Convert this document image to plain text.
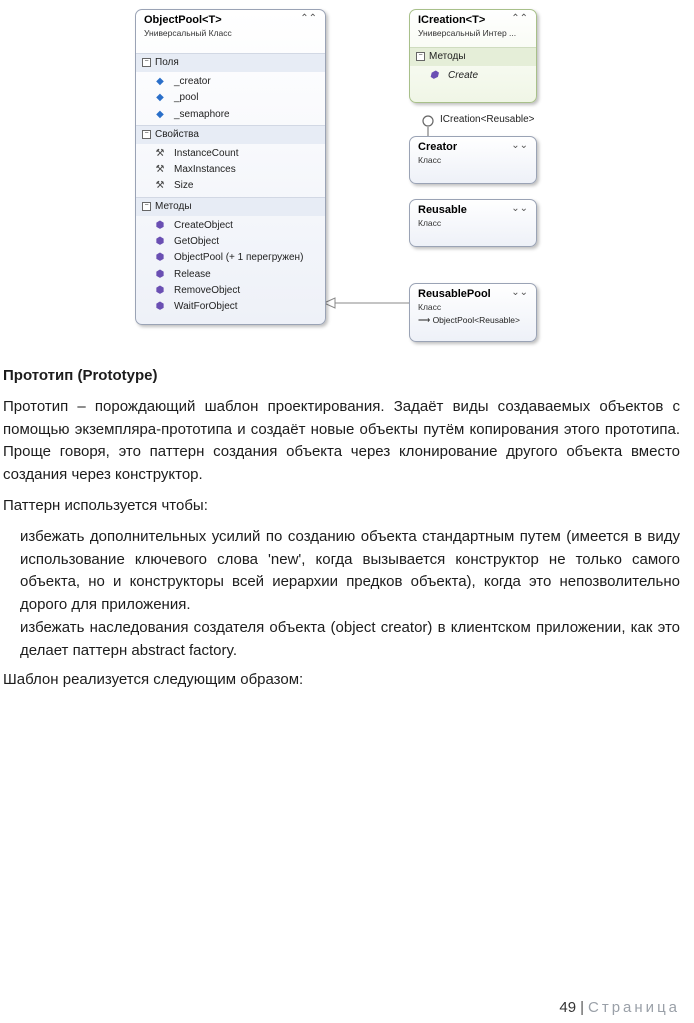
ICreation<Reusable>
ObjectPool<T>
Универсальный Класс
⌃⌃
− Поля
◆ _creator
◆ _pool
◆ _semaphore
− Свойства
⚒ InstanceCount
⚒ MaxInstances
⚒ Size
− Методы
⬢ CreateObject
⬢ GetObject
⬢ ObjectPool (+ 1 перегружен)
⬢ Release
⬢ RemoveObject
⬢ WaitForObject
ICreation<T>
Универсальный Интер ...
⌃⌃
− Методы
⬢ Create
Creator
Класс
⌄⌄
Reusable
Класс
⌄⌄
ReusablePool
Класс
⟶ ObjectPool<Reusable>
⌄⌄
Прототип (Prototype)
Прототип – порождающий шаблон проектирования. Задаёт виды создаваемых объектов с помощью экземпляра-прототипа и создаёт новые объекты путём копирования этого прототипа. Проще говоря, это паттерн создания объекта через клонирование другого объекта вместо создания через конструктор.
Паттерн используется чтобы:
избежать дополнительных усилий по созданию объекта стандартным путем (имеется в виду использование ключевого слова 'new', когда вызывается конструктор не только самого объекта, но и конструкторы всей иерархии предков объекта), когда это непозволительно дорого для приложения.
избежать наследования создателя объекта (object creator) в клиентском приложении, как это делает паттерн abstract factory.
Шаблон реализуется следующим образом:
49 | Страница
